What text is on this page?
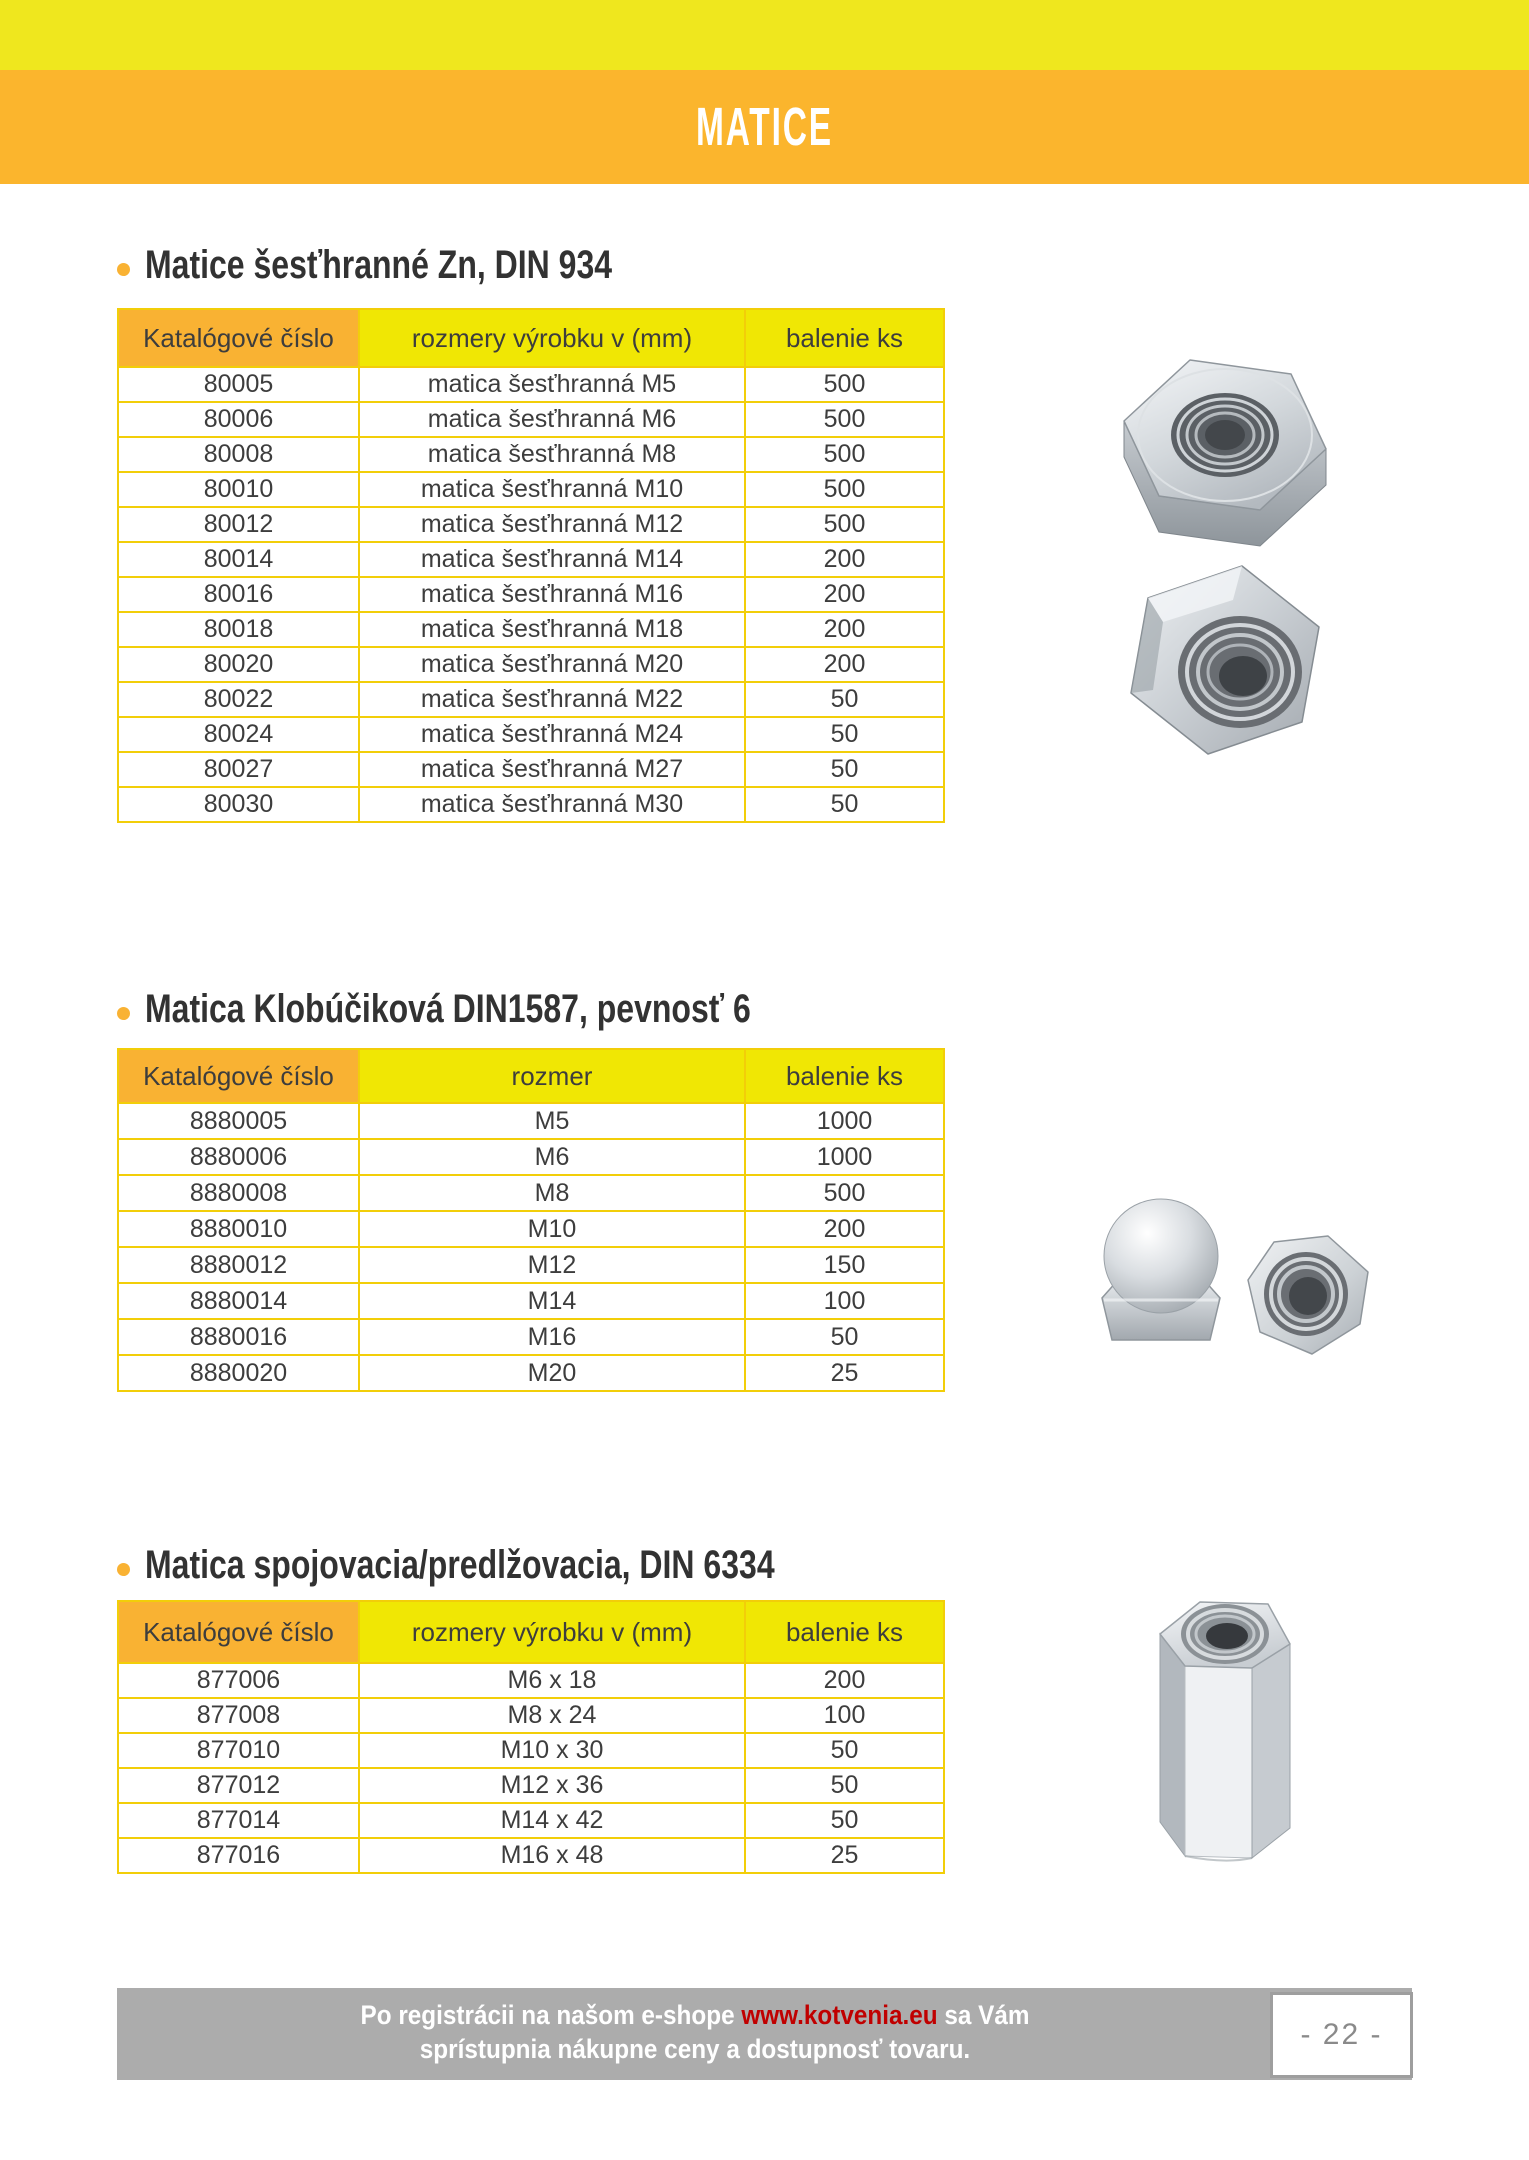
MATICE
Matice šesťhranné Zn, DIN 934
Katalógové číslo	rozmery výrobku v (mm)	balenie ks
80005	matica šesťhranná M5	500
80006	matica šesťhranná M6	500
80008	matica šesťhranná M8	500
80010	matica šesťhranná M10	500
80012	matica šesťhranná M12	500
80014	matica šesťhranná M14	200
80016	matica šesťhranná M16	200
80018	matica šesťhranná M18	200
80020	matica šesťhranná M20	200
80022	matica šesťhranná M22	50
80024	matica šesťhranná M24	50
80027	matica šesťhranná M27	50
80030	matica šesťhranná M30	50
Matica Klobúčiková DIN1587, pevnosť 6
Katalógové číslo	rozmer	balenie ks
8880005	M5	1000
8880006	M6	1000
8880008	M8	500
8880010	M10	200
8880012	M12	150
8880014	M14	100
8880016	M16	50
8880020	M20	25
Matica spojovacia/predlžovacia, DIN 6334
Katalógové číslo	rozmery výrobku v (mm)	balenie ks
877006	M6 x 18	200
877008	M8 x 24	100
877010	M10 x 30	50
877012	M12 x 36	50
877014	M14 x 42	50
877016	M16 x 48	25
Po registrácii na našom e-shope www.kotvenia.eu sa Vám
sprístupnia nákupne ceny a dostupnosť tovaru.	- 22 -
